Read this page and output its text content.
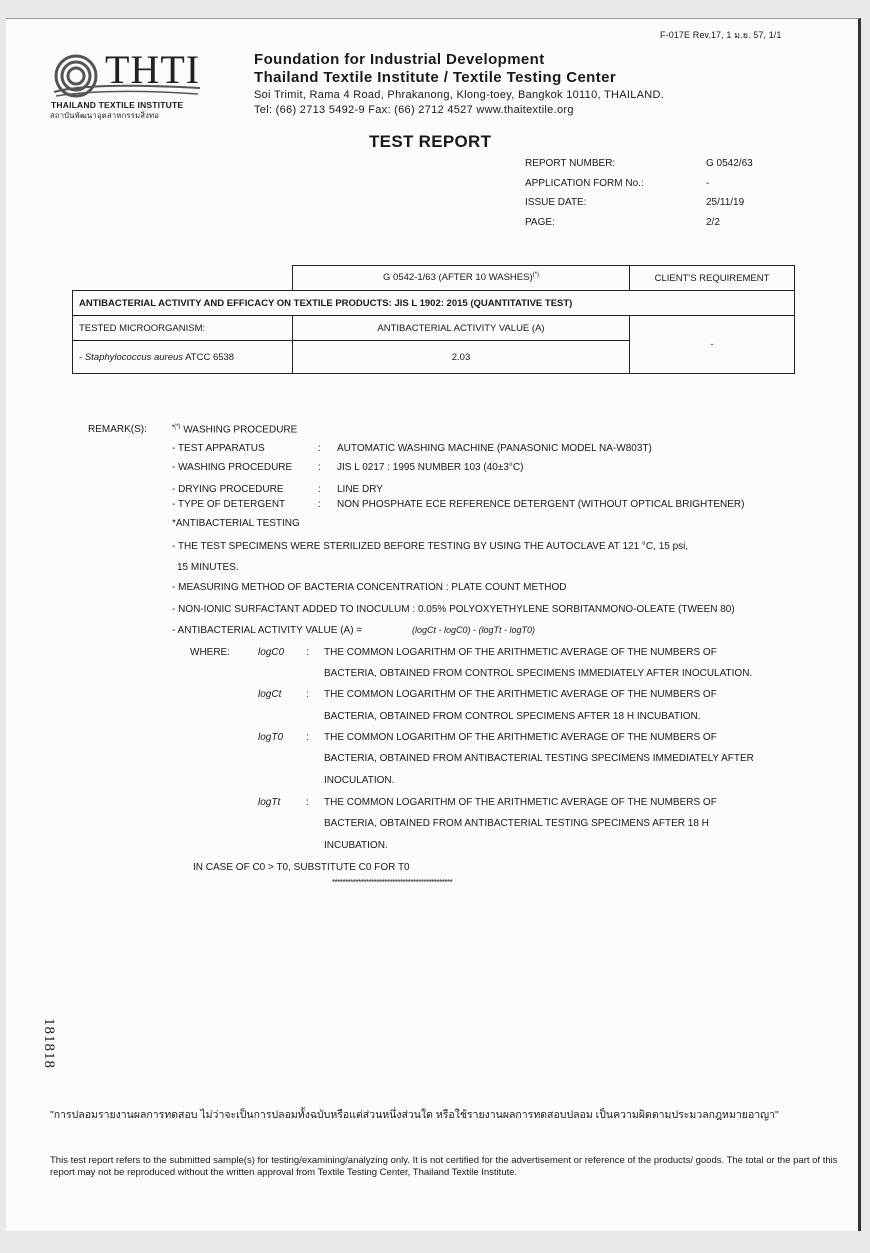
F-017E Rev.17, 1 ม.ย. 57, 1/1
THTI
THAILAND TEXTILE INSTITUTE
สถาบันพัฒนาอุตสาหกรรมสิ่งทอ
Foundation for Industrial Development
Thailand Textile Institute / Textile Testing Center
Soi Trimit, Rama 4 Road, Phrakanong, Klong-toey, Bangkok 10110, THAILAND.
Tel: (66) 2713 5492-9 Fax: (66) 2712 4527 www.thaitextile.org
TEST REPORT
REPORT NUMBER:	G 0542/63
APPLICATION FORM No.:	-
ISSUE DATE:	25/11/19
PAGE:	2/2
	G 0542-1/63 (AFTER 10 WASHES)(*)	CLIENT'S REQUIREMENT
ANTIBACTERIAL ACTIVITY AND EFFICACY ON TEXTILE PRODUCTS: JIS L 1902: 2015 (QUANTITATIVE TEST)		
TESTED MICROORGANISM:	ANTIBACTERIAL ACTIVITY VALUE (A)	-
- Staphylococcus aureus ATCC 6538	2.03	
REMARK(S):	•(*) WASHING PROCEDURE
- TEST APPARATUS	: AUTOMATIC WASHING MACHINE (PANASONIC MODEL NA-W803T)
- WASHING PROCEDURE	: JIS L 0217 : 1995 NUMBER 103 (40±3°C)
- DRYING PROCEDURE	: LINE DRY
- TYPE OF DETERGENT	: NON PHOSPHATE ECE REFERENCE DETERGENT (WITHOUT OPTICAL BRIGHTENER)
*ANTIBACTERIAL TESTING
- THE TEST SPECIMENS WERE STERILIZED BEFORE TESTING BY USING THE AUTOCLAVE AT 121 °C, 15 psi,
15 MINUTES.
- MEASURING METHOD OF BACTERIA CONCENTRATION : PLATE COUNT METHOD
- NON-IONIC SURFACTANT ADDED TO INOCULUM : 0.05% POLYOXYETHYLENE SORBITANMONO-OLEATE (TWEEN 80)
- ANTIBACTERIAL ACTIVITY VALUE (A) =	(logCt - logC0) - (logTt - logT0)
WHERE:	logC0 : THE COMMON LOGARITHM OF THE ARITHMETIC AVERAGE OF THE NUMBERS OF
BACTERIA, OBTAINED FROM CONTROL SPECIMENS IMMEDIATELY AFTER INOCULATION.
logCt : THE COMMON LOGARITHM OF THE ARITHMETIC AVERAGE OF THE NUMBERS OF
BACTERIA, OBTAINED FROM CONTROL SPECIMENS AFTER 18 H INCUBATION.
logT0 : THE COMMON LOGARITHM OF THE ARITHMETIC AVERAGE OF THE NUMBERS OF
BACTERIA, OBTAINED FROM ANTIBACTERIAL TESTING SPECIMENS IMMEDIATELY AFTER
INOCULATION.
logTt	: THE COMMON LOGARITHM OF THE ARITHMETIC AVERAGE OF THE NUMBERS OF
BACTERIA, OBTAINED FROM ANTIBACTERIAL TESTING SPECIMENS AFTER 18 H
INCUBATION.
IN CASE OF C0 > T0, SUBSTITUTE C0 FOR T0
**********************************************
181818
"การปลอมรายงานผลการทดสอบ ไม่ว่าจะเป็นการปลอมทั้งฉบับหรือแต่ส่วนหนึ่งส่วนใด หรือใช้รายงานผลการทดสอบปลอม เป็นความผิดตามประมวลกฎหมายอาญา"
This test report refers to the submitted sample(s) for testing/examining/analyzing only. It is not certified for the advertisement or reference of the products/ goods. The total or the part of this report may not be reproduced without the written approval from Textile Testing Center, Thailand Textile Institute.
